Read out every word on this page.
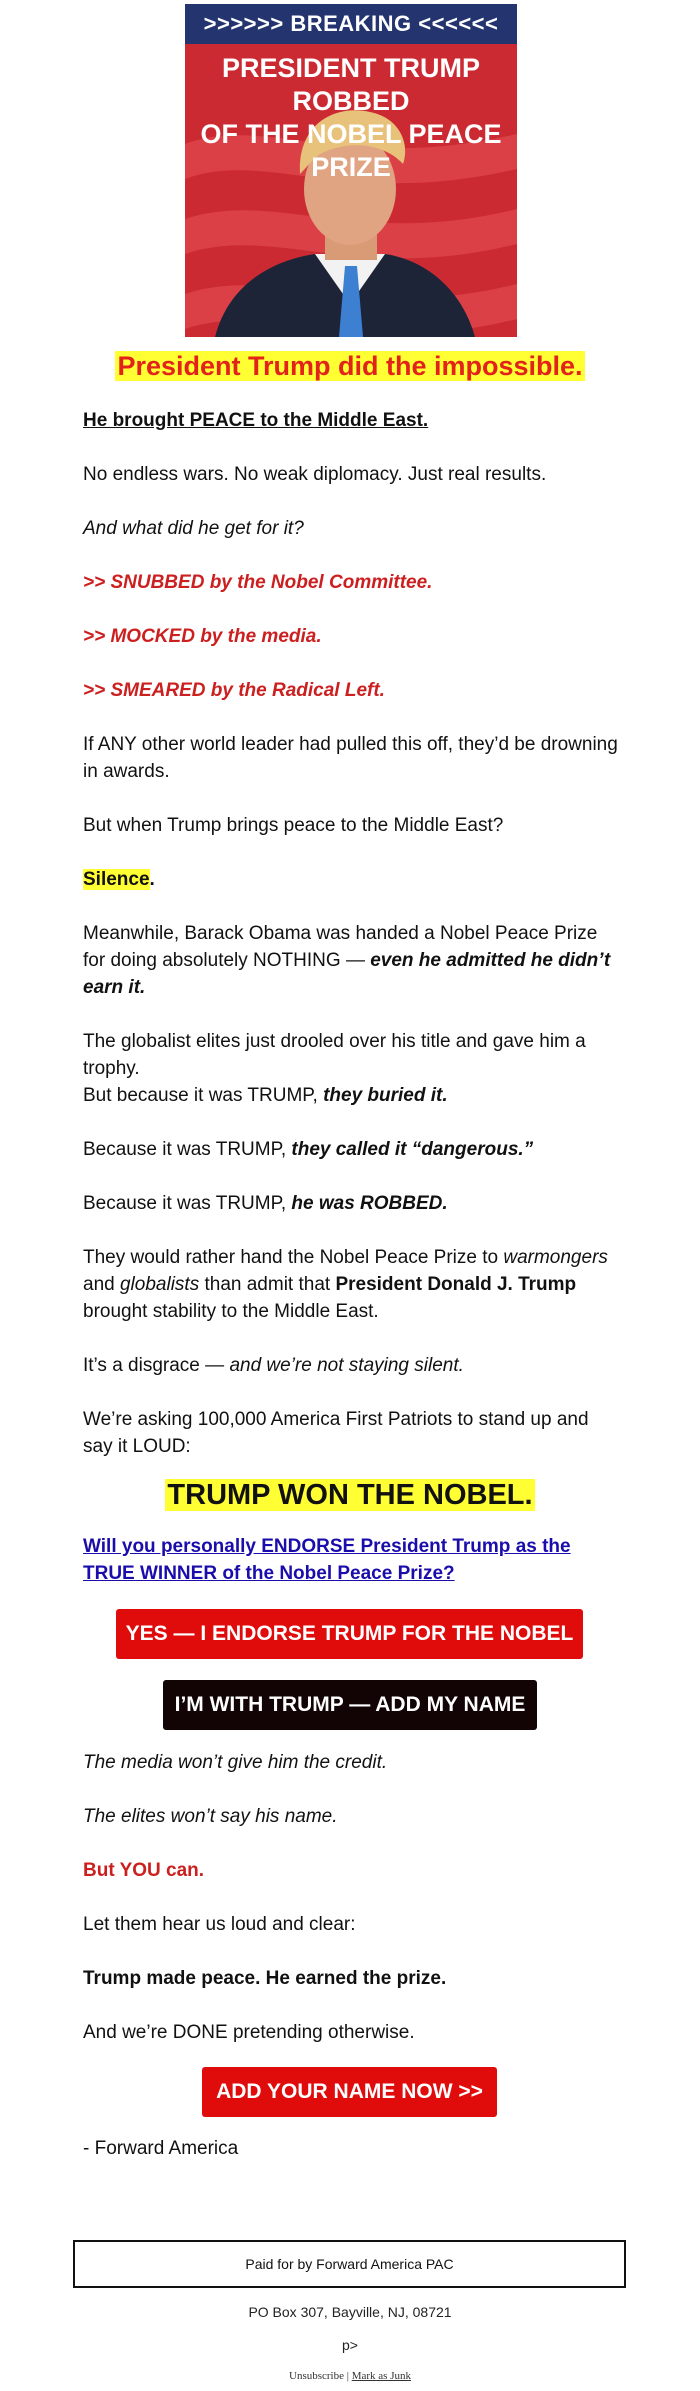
>>>>>> BREAKING <<<<<<
PRESIDENT TRUMP ROBBED
OF THE NOBEL PEACE PRIZE
President Trump did the impossible.

He brought PEACE to the Middle East.

No endless wars. No weak diplomacy. Just real results.

And what did he get for it?

>> SNUBBED by the Nobel Committee.

>> MOCKED by the media.

>> SMEARED by the Radical Left.

If ANY other world leader had pulled this off, they’d be drowning in awards.

But when Trump brings peace to the Middle East?

Silence.

Meanwhile, Barack Obama was handed a Nobel Peace Prize for doing absolutely NOTHING — even he admitted he didn’t earn it.

The globalist elites just drooled over his title and gave him a trophy.

But because it was TRUMP, they buried it.

Because it was TRUMP, they called it “dangerous.”

Because it was TRUMP, he was ROBBED.

They would rather hand the Nobel Peace Prize to warmongers and globalists than admit that President Donald J. Trump brought stability to the Middle East.

It’s a disgrace — and we’re not staying silent.

We’re asking 100,000 America First Patriots to stand up and say it LOUD:

TRUMP WON THE NOBEL.

Will you personally ENDORSE President Trump as the TRUE WINNER of the Nobel Peace Prize?

YES — I ENDORSE TRUMP FOR THE NOBEL
I’M WITH TRUMP — ADD MY NAME

The media won’t give him the credit.

The elites won’t say his name.

But YOU can.

Let them hear us loud and clear:

Trump made peace. He earned the prize.

And we’re DONE pretending otherwise.

ADD YOUR NAME NOW >>

- Forward America

Paid for by Forward America PAC
PO Box 307, Bayville, NJ, 08721
p>
Unsubscribe | Mark as Junk
